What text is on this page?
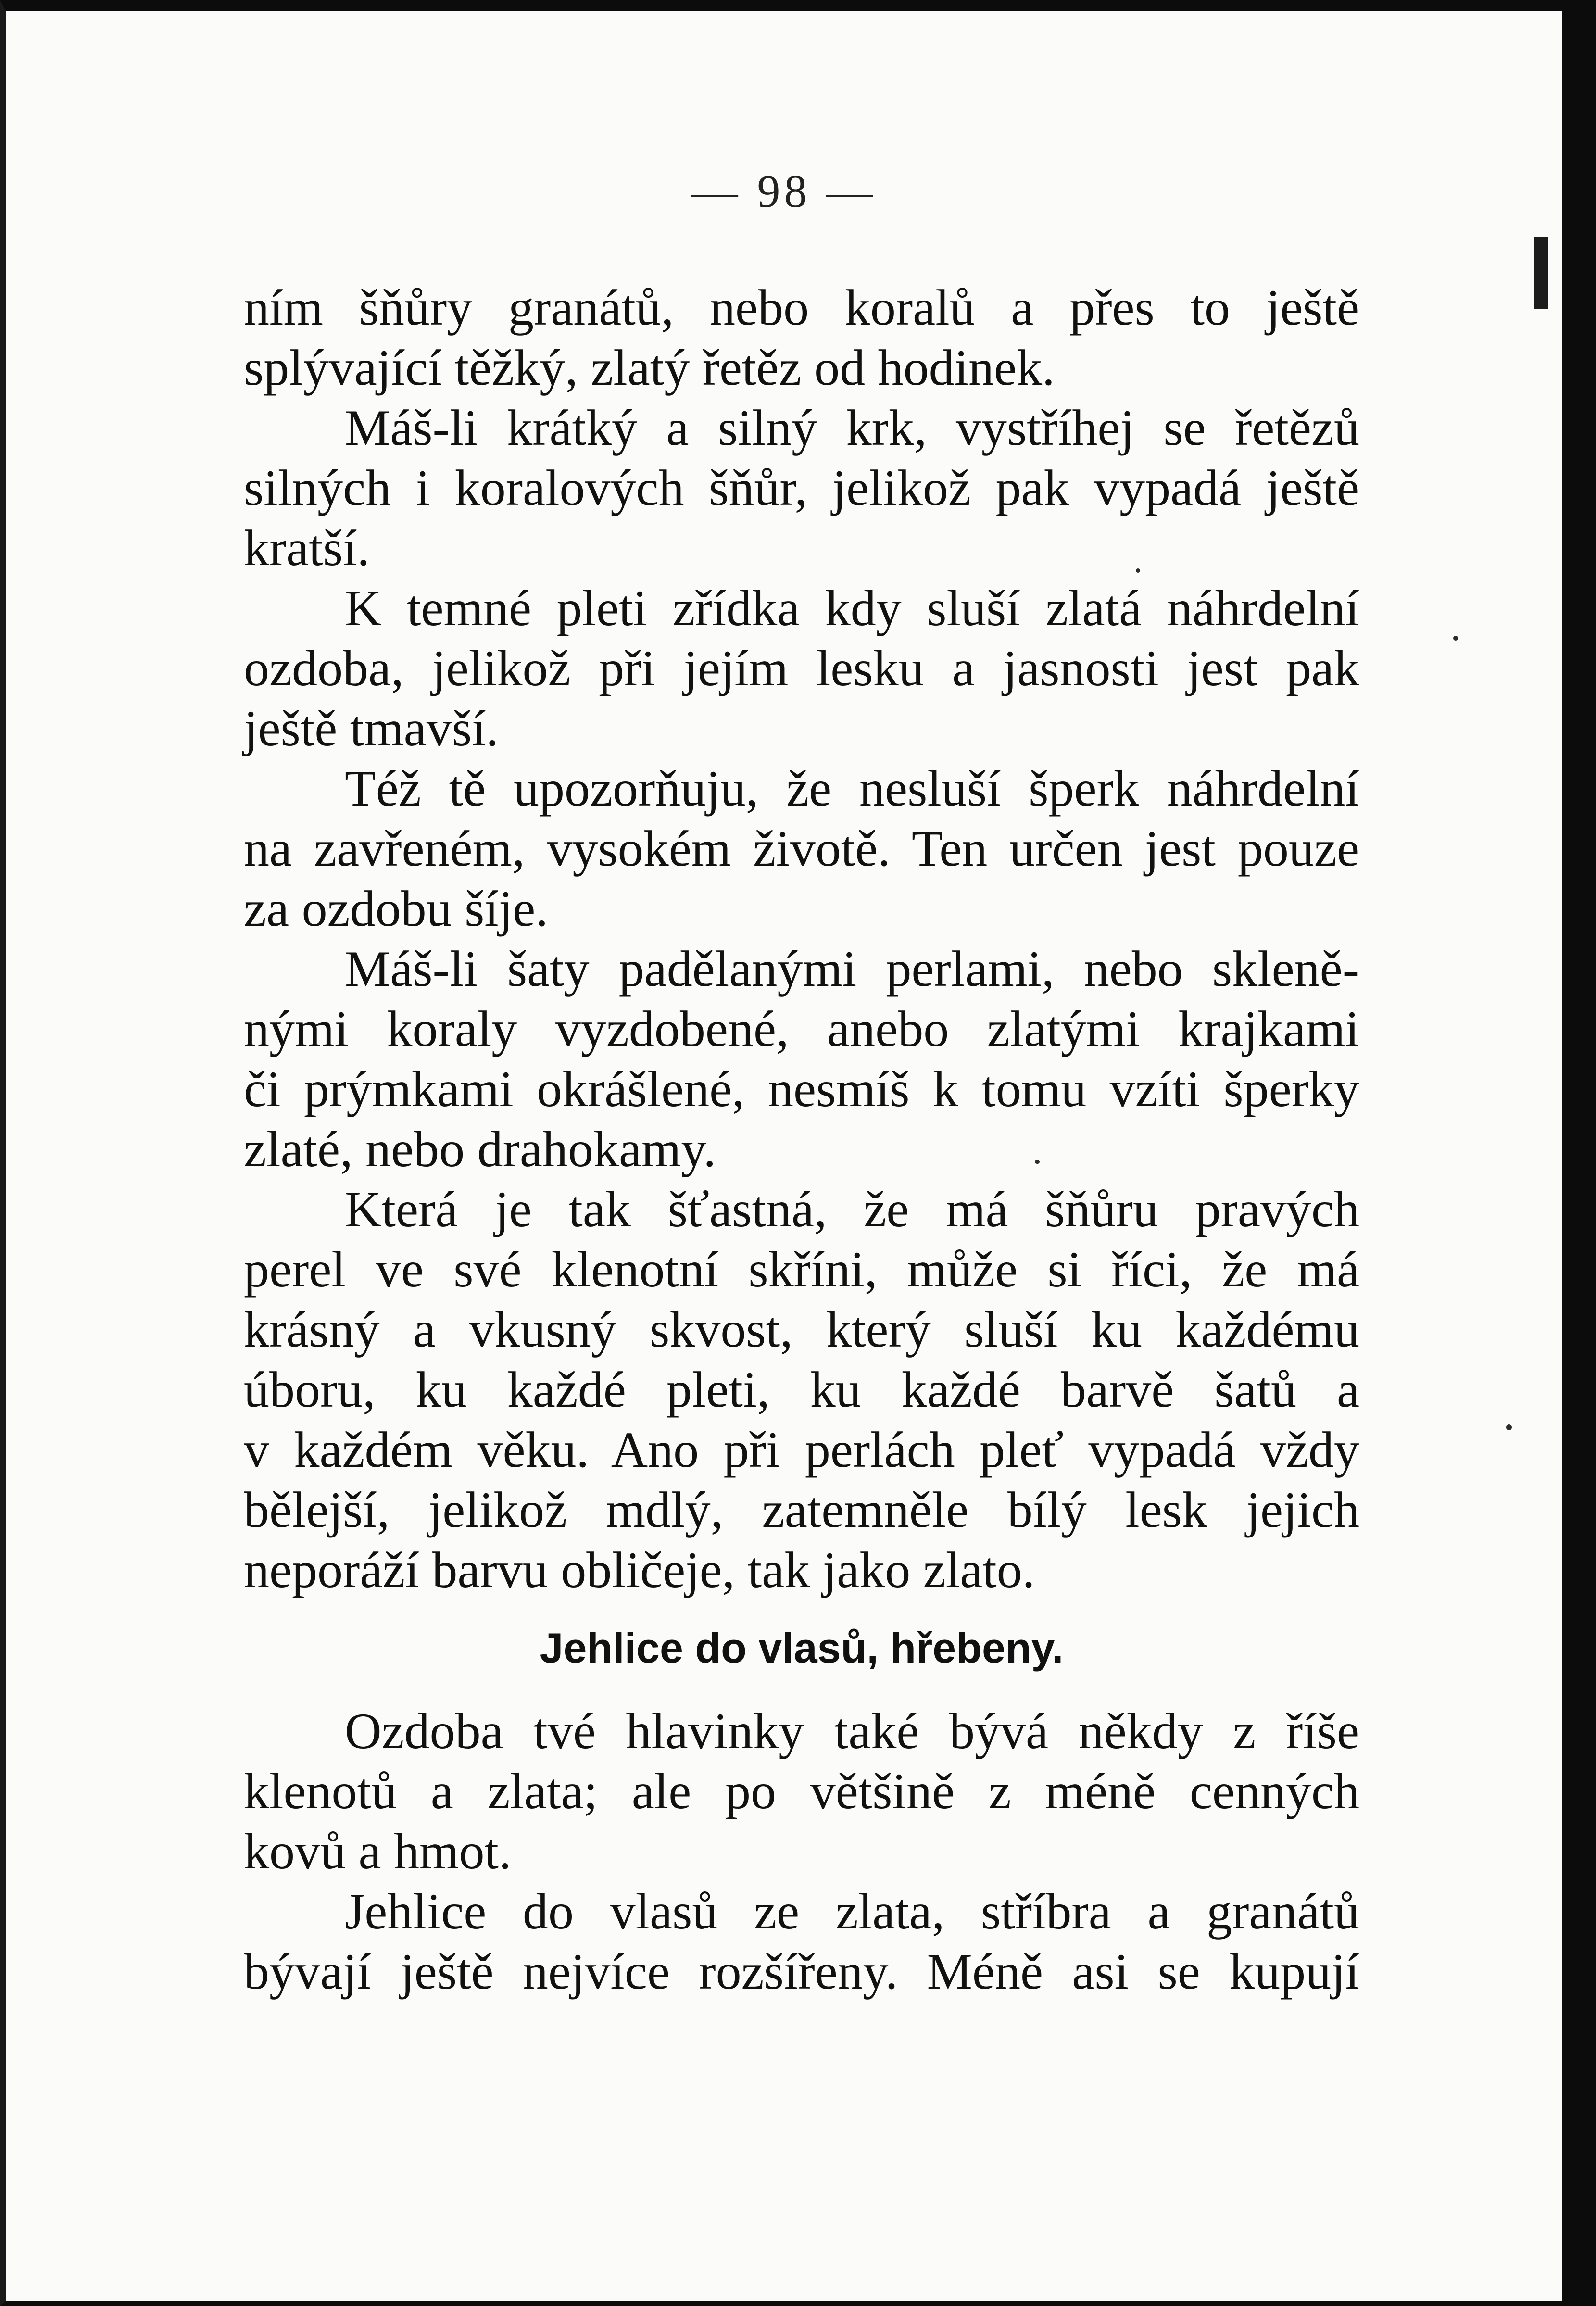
— 98 —
ním šňůry granátů, nebo koralů a přes to ještě
splývající těžký, zlatý řetěz od hodinek.
Máš-li krátký a silný krk, vystříhej se řetězů
silných i koralových šňůr, jelikož pak vypadá ještě
kratší.
K temné pleti zřídka kdy sluší zlatá náhrdelní
ozdoba, jelikož při jejím lesku a jasnosti jest pak
ještě tmavší.
Též tě upozorňuju, že nesluší šperk náhrdelní
na zavřeném, vysokém životě. Ten určen jest pouze
za ozdobu šíje.
Máš-li šaty padělanými perlami, nebo skleně-
nými koraly vyzdobené, anebo zlatými krajkami
či prýmkami okrášlené, nesmíš k tomu vzíti šperky
zlaté, nebo drahokamy.
Která je tak šťastná, že má šňůru pravých
perel ve své klenotní skříni, může si říci, že má
krásný a vkusný skvost, který sluší ku každému
úboru, ku každé pleti, ku každé barvě šatů a
v každém věku. Ano při perlách pleť vypadá vždy
bělejší, jelikož mdlý, zatemněle bílý lesk jejich
neporáží barvu obličeje, tak jako zlato.
Jehlice do vlasů, hřebeny.
Ozdoba tvé hlavinky také bývá někdy z říše
klenotů a zlata; ale po většině z méně cenných
kovů a hmot.
Jehlice do vlasů ze zlata, stříbra a granátů
bývají ještě nejvíce rozšířeny. Méně asi se kupují
